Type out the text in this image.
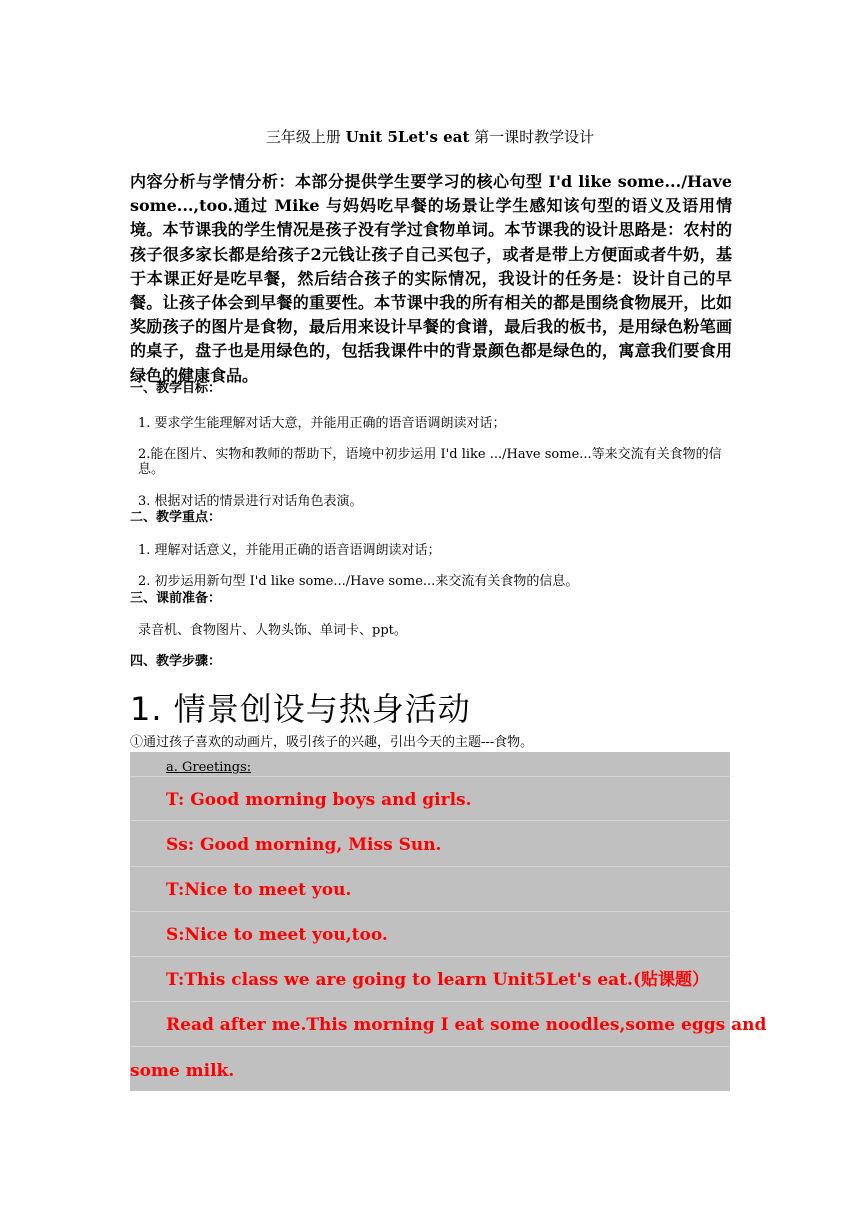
三年级上册 Unit 5Let's eat 第一课时教学设计
内容分析与学情分析：本部分提供学生要学习的核心句型 I'd like some.../Have some...,too.通过 Mike 与妈妈吃早餐的场景让学生感知该句型的语义及语用情境。本节课我的学生情况是孩子没有学过食物单词。本节课我的设计思路是：农村的孩子很多家长都是给孩子2元钱让孩子自己买包子，或者是带上方便面或者牛奶，基于本课正好是吃早餐，然后结合孩子的实际情况，我设计的任务是：设计自己的早餐。让孩子体会到早餐的重要性。本节课中我的所有相关的都是围绕食物展开，比如奖励孩子的图片是食物，最后用来设计早餐的食谱，最后我的板书，是用绿色粉笔画的桌子，盘子也是用绿色的，包括我课件中的背景颜色都是绿色的，寓意我们要食用绿色的健康食品。
一、教学目标：
1. 要求学生能理解对话大意，并能用正确的语音语调朗读对话；
2.能在图片、实物和教师的帮助下，语境中初步运用 I'd like .../Have some...等来交流有关食物的信息。
3. 根据对话的情景进行对话角色表演。
二、教学重点：
1. 理解对话意义，并能用正确的语音语调朗读对话；
2. 初步运用新句型 I'd like some.../Have some...来交流有关食物的信息。
三、课前准备：
录音机、食物图片、人物头饰、单词卡、ppt。
四、教学步骤：
1. 情景创设与热身活动
①通过孩子喜欢的动画片，吸引孩子的兴趣，引出今天的主题---食物。
a. Greetings:
T: Good morning boys and girls.
Ss: Good morning, Miss Sun.
T:Nice to meet you.
S:Nice to meet you,too.
T:This class we are going to learn Unit5Let's eat.(贴课题）
Read after me.This morning I eat some noodles,some eggs and
some milk.
